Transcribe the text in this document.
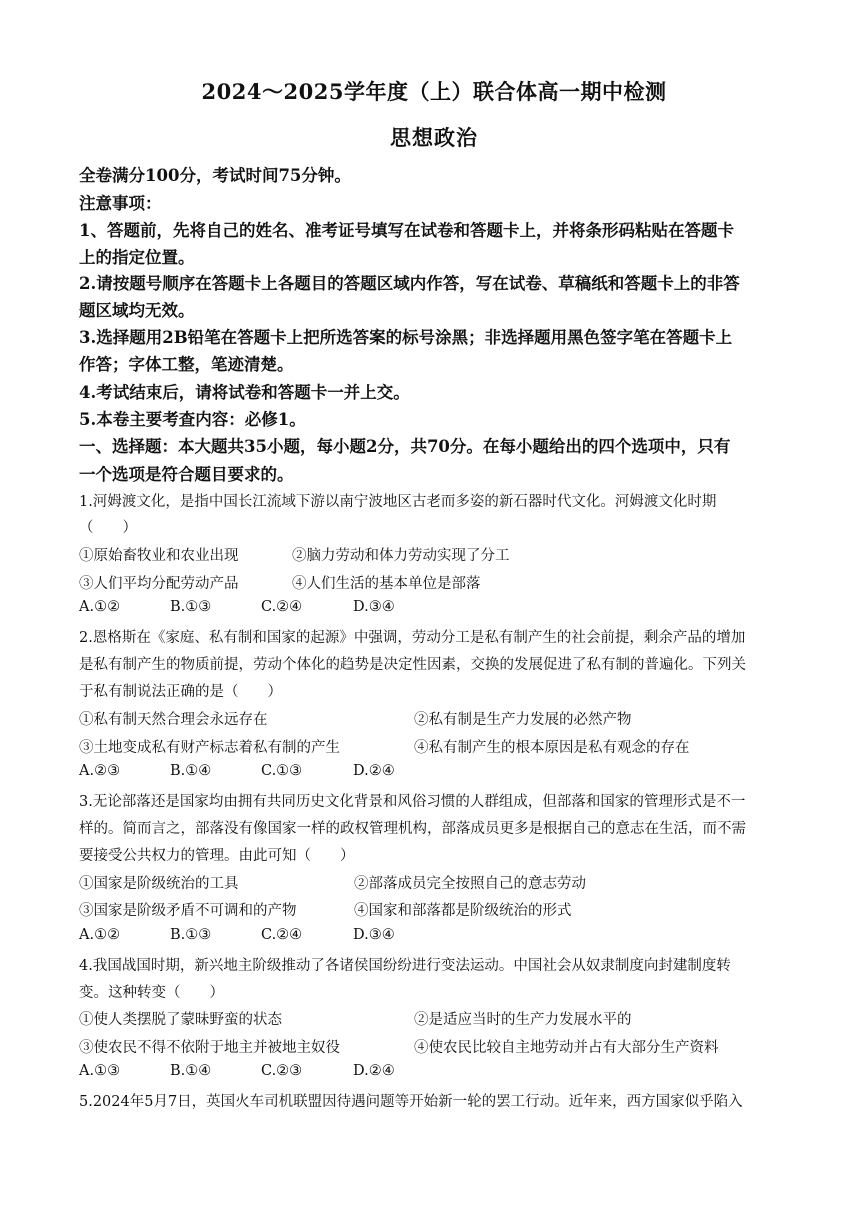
2024～2025学年度（上）联合体高一期中检测
思想政治
全卷满分100分，考试时间75分钟。
注意事项：
1、答题前，先将自己的姓名、准考证号填写在试卷和答题卡上，并将条形码粘贴在答题卡
上的指定位置。
2.请按题号顺序在答题卡上各题目的答题区域内作答，写在试卷、草稿纸和答题卡上的非答
题区域均无效。
3.选择题用2B铅笔在答题卡上把所选答案的标号涂黑；非选择题用黑色签字笔在答题卡上
作答；字体工整，笔迹清楚。
4.考试结束后，请将试卷和答题卡一并上交。
5.本卷主要考查内容：必修1。
一、选择题：本大题共35小题，每小题2分，共70分。在每小题给出的四个选项中，只有
一个选项是符合题目要求的。
1.河姆渡文化，是指中国长江流域下游以南宁波地区古老而多姿的新石器时代文化。河姆渡文化时期
（　　）
①原始畜牧业和农业出现	②脑力劳动和体力劳动实现了分工
③人们平均分配劳动产品	④人们生活的基本单位是部落
A.①②	B.①③	C.②④	D.③④
2.恩格斯在《家庭、私有制和国家的起源》中强调，劳动分工是私有制产生的社会前提，剩余产品的增加
是私有制产生的物质前提，劳动个体化的趋势是决定性因素，交换的发展促进了私有制的普遍化。下列关
于私有制说法正确的是（　　）
①私有制天然合理会永远存在	②私有制是生产力发展的必然产物
③土地变成私有财产标志着私有制的产生	④私有制产生的根本原因是私有观念的存在
A.②③	B.①④	C.①③	D.②④
3.无论部落还是国家均由拥有共同历史文化背景和风俗习惯的人群组成，但部落和国家的管理形式是不一
样的。简而言之，部落没有像国家一样的政权管理机构，部落成员更多是根据自己的意志在生活，而不需
要接受公共权力的管理。由此可知（　　）
①国家是阶级统治的工具	②部落成员完全按照自己的意志劳动
③国家是阶级矛盾不可调和的产物	④国家和部落都是阶级统治的形式
A.①②	B.①③	C.②④	D.③④
4.我国战国时期，新兴地主阶级推动了各诸侯国纷纷进行变法运动。中国社会从奴隶制度向封建制度转
变。这种转变（　　）
①使人类摆脱了蒙昧野蛮的状态	②是适应当时的生产力发展水平的
③使农民不得不依附于地主并被地主奴役	④使农民比较自主地劳动并占有大部分生产资料
A.①③	B.①④	C.②③	D.②④
5.2024年5月7日，英国火车司机联盟因待遇问题等开始新一轮的罢工行动。近年来，西方国家似乎陷入
